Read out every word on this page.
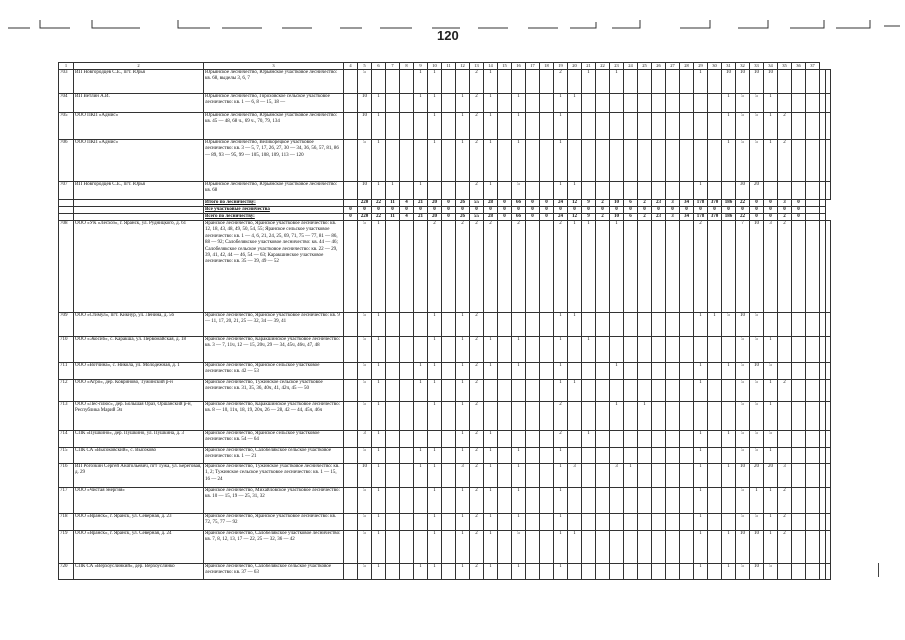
120
1	2	3	4	5	6	7	8	9	10	11	12	13	14	15	16	17	18	19	20	21	22	23	24	25	26	27	28	29	30	31	32	33	34	35	36	37		
703	ИП Новгородцев С.Е., пгт. Юрья	Юрьянское лесничество, Юрьянское участковое лесничество: кв. 68, выделы 3, 6, 7		5				1	1			2	1					2		1		1						1		10	10	10	10					
704	ИП Ветлин А.И.	Юрьянское лесничество, Гороховское сельское участковое лесничество: кв. 1 — 6, 8 — 15, 18 —		10	1			1	1		1	2	1		1			1	1											1	5	5	1					
705	ООО ПКП «Адмис»	Юрьянское лесничество, Юрьянское участковое лесничество: кв. 45 — 48, 68 ч., 69 ч., 70, 79, 134		10	1				1		1	2	1		1			1												1	5	5	1	2				
706	ООО ПКП «Адмис»	Юрьянское лесничество, Великорецкое участковое лесничество: кв. 3 — 5, 7, 17, 26, 27, 30 — 34, 36, 56, 57, 81, 86 — 89, 93 — 95, 99 — 105, 108, 109, 113 — 120		5	1				1		1	2	1		1			1												1	5	5	1	2				
707	ИП Новгородцев С.Е., пгт. Юрья	Юрьянское лесничество, Юрьянское участковое лесничество: кв. 68		10	1	1		1				2	1		5			1	1									1			30	20						
		Итого по лесничеству:		220	22	11	4	21	20	0	26	55	28	0	66	0	0	24	12	9	2	10	6	2	23	3	34	178	370	186	22	0	0	3	0			
		Все участковые лесничества	0	0	0	0	0	0	0	0	0	0	0	0	0	0	0	0	0	0	0	0	0	0	0	0	0	0	0	0	0	0	0	0	0			
		Всего по лесничеству:	0	220	22	11	4	21	20	0	26	55	28	0	66	0	0	24	12	9	2	10	6	2	23	3	34	178	370	186	22	0	0	2	0			
708	ООО «УК «Лесхоз», г. Яранск, ул. Рудницкого, д. 61	Яранское лесничество, Яранское участковое лесничество: кв. 12, 18, 43, 48, 49, 50, 54, 55; Яранское сельское участковое лесничество: кв. 1 — 4, 6, 21, 24, 25, 69, 71, 75 — 77, 81 — 86, 88 — 92; Салобелякское участковое лесничество: кв. 44 — 46; Салобелякское сельское участковое лесничество: кв. 22 — 29, 39, 41, 42, 44 — 46, 54 — 63; Каракшинское участковое лесничество: кв. 35 — 39, 49 — 52		5	1				2		2	2	2		2			2	1	1		1						2			7	10	3	2				
709	ООО «Стимул», пгт. Кикнур, ул. Ленина, д. 56	Яранское лесничество, Яранское участковое лесничество: кв. 9 — 11, 17, 20, 21, 25 — 32, 34 — 39, 41		5	1				1		1	2						1	1									1	1	5	10	5						
710	ООО «Экосиб», с. Каракша, ул. Первомайская, д. 18	Яранское лесничество, Каракшинское участковое лесничество: кв. 3 — 7, 11ч, 12 — 15, 20ч, 29 — 34, 45ч, 46ч, 47, 48		5	1				1		1	2	1		1			1		1											5	5	1					
711	ООО «Вотчина», с. Никола, ул. Молодежная, д. 1	Яранское лесничество, Яранское сельское участковое лесничество: кв. 42 — 53		5	1			1	1		1	2	1		1			1				1						1		1	5	10	5					
712	ООО «Агро», дер. Ковриново, Тужинский р-н	Яранское лесничество, Тужинское сельское участковое лесничество: кв. 31, 35, 36, 40ч, 41, 42ч, 45 — 50		5	1			1	1		1	2						1	1									1			5	5	1	2				
713	ООО «Лес-плюс», дер. Большая Ораз, Оршанский р-н, Республика Марий Эл	Яранское лесничество, Каракшинское участковое лесничество: кв. 8 — 10, 11ч, 18, 19, 20ч, 26 — 28, 42 — 44, 45ч, 46ч		5	1				1		1	2						2				1		1							5	5	1					
714	СПК «Пушкино», дер. Пушкино, ул. Пушкина, д. 3	Яранское лесничество, Яранское сельское участковое лесничество: кв. 54 — 64		3	1						1	2	1					2		1								1		1	5	5	5					
715	СПК СА «Высоковский», с. Высоково	Яранское лесничество, Салобелякское сельское участковое лесничество: кв. 1 — 21		5	1			1	1		1	2	1		1			1										1			5	5	1					
716	ИП Рогозкин Сергей Анатольевич, пгт Тужа, ул. Береговая, д. 29	Яранское лесничество, Тужинское участковое лесничество: кв. 1, 2; Тужинское сельское участковое лесничество: кв. 1 — 15, 16 — 24		10	1			1	1		3	2	1		1			1	3			3	1					1		1	10	20	20	3				
717	ООО «Чистая энергия»	Яранское лесничество, Михайловское участковое лесничество: кв. 10 — 15, 19 — 25, 31, 32		5	1				1		1	2	1		1			1										1			5	1	1	2				
718	ООО «Яранск», г. Яранск, ул. Северная, д. 23	Яранское лесничество, Яранское участковое лесничество: кв. 72, 75, 77 — 92		5	1				1		1	2	1		1			1										1			5	5	1	2				
719	ООО «Яранск», г. Яранск, ул. Северная, д. 24	Яранское лесничество, Салобелякское участковое лесничество: кв. 7, 8, 12, 13, 17 — 22, 25 — 32, 36 — 42		5	1				1		1	2	1		5			1	1									1		1	10	10	1	2				
720	СПК СА «Верхоуслинкий», дер. Верхоуслинко	Яранское лесничество, Салобелякское сельское участковое лесничество: кв. 37 — 63		5	1			1	1		1	2	1		1			1										1		1	5	10	5					
